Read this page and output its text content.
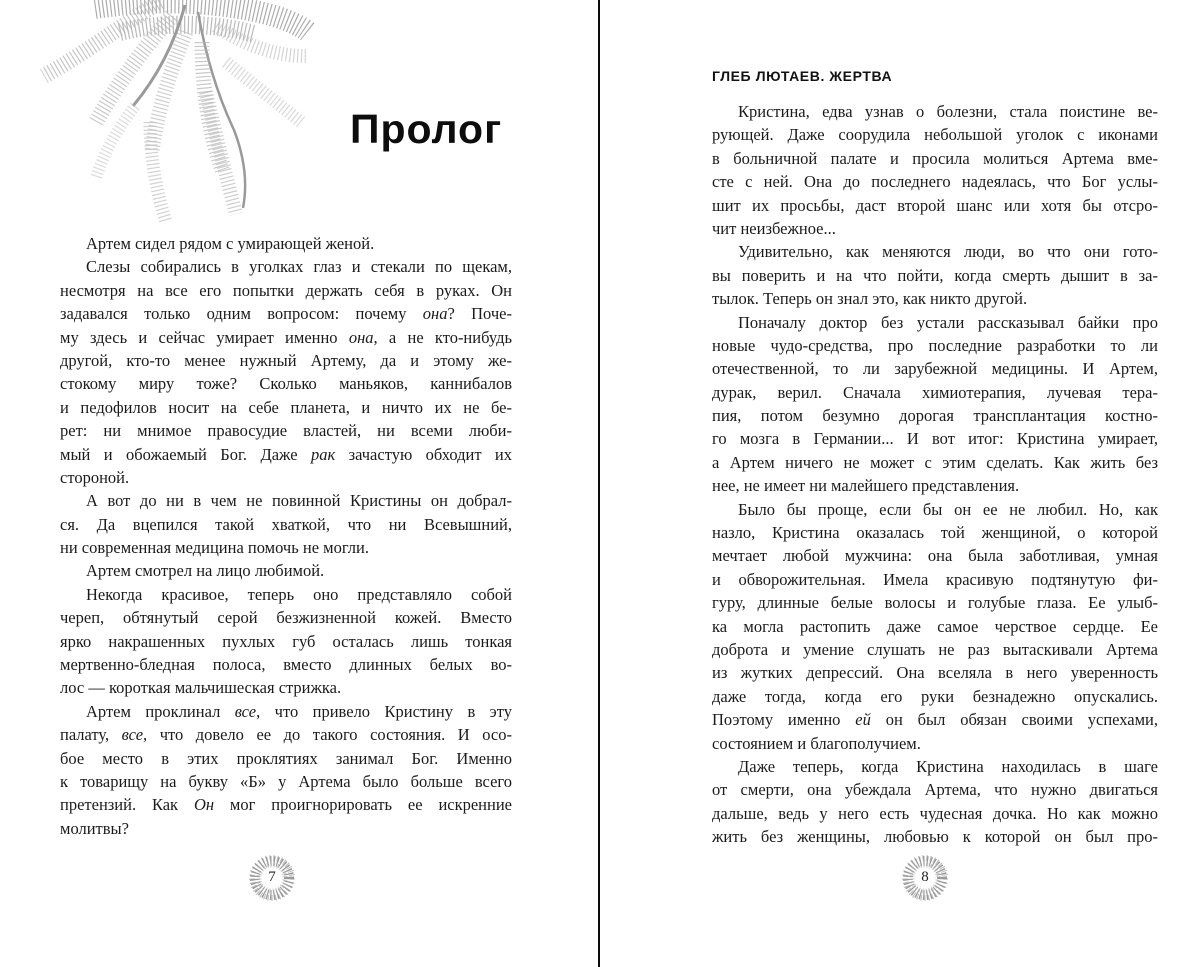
Пролог

Артем сидел рядом с умирающей женой.

Слезы собирались в уголках глаз и стекали по щекам,

несмотря на все его попытки держать себя в руках. Он

задавался только одним вопросом: почему она? Поче-

му здесь и сейчас умирает именно она, а не кто-нибудь

другой, кто-то менее нужный Артему, да и этому же-

стокому миру тоже? Сколько маньяков, каннибалов

и педофилов носит на себе планета, и ничто их не бе-

рет: ни мнимое правосудие властей, ни всеми люби-

мый и обожаемый Бог. Даже рак зачастую обходит их

стороной.

А вот до ни в чем не повинной Кристины он добрал-

ся. Да вцепился такой хваткой, что ни Всевышний,

ни современная медицина помочь не могли.

Артем смотрел на лицо любимой.

Некогда красивое, теперь оно представляло собой

череп, обтянутый серой безжизненной кожей. Вместо

ярко накрашенных пухлых губ осталась лишь тонкая

мертвенно-бледная полоса, вместо длинных белых во-

лос — короткая мальчишеская стрижка.

Артем проклинал все, что привело Кристину в эту

палату, все, что довело ее до такого состояния. И осо-

бое место в этих проклятиях занимал Бог. Именно

к товарищу на букву «Б» у Артема было больше всего

претензий. Как Он мог проигнорировать ее искренние

молитвы?

7
ГЛЕБ ЛЮТАЕВ. ЖЕРТВА

Кристина, едва узнав о болезни, стала поистине ве-

рующей. Даже соорудила небольшой уголок с иконами

в больничной палате и просила молиться Артема вме-

сте с ней. Она до последнего надеялась, что Бог услы-

шит их просьбы, даст второй шанс или хотя бы отсро-

чит неизбежное...

Удивительно, как меняются люди, во что они гото-

вы поверить и на что пойти, когда смерть дышит в за-

тылок. Теперь он знал это, как никто другой.

Поначалу доктор без устали рассказывал байки про

новые чудо-средства, про последние разработки то ли

отечественной, то ли зарубежной медицины. И Артем,

дурак, верил. Сначала химиотерапия, лучевая тера-

пия, потом безумно дорогая трансплантация костно-

го мозга в Германии... И вот итог: Кристина умирает,

а Артем ничего не может с этим сделать. Как жить без

нее, не имеет ни малейшего представления.

Было бы проще, если бы он ее не любил. Но, как

назло, Кристина оказалась той женщиной, о которой

мечтает любой мужчина: она была заботливая, умная

и обворожительная. Имела красивую подтянутую фи-

гуру, длинные белые волосы и голубые глаза. Ее улыб-

ка могла растопить даже самое черствое сердце. Ее

доброта и умение слушать не раз вытаскивали Артема

из жутких депрессий. Она вселяла в него уверенность

даже тогда, когда его руки безнадежно опускались.

Поэтому именно ей он был обязан своими успехами,

состоянием и благополучием.

Даже теперь, когда Кристина находилась в шаге

от смерти, она убеждала Артема, что нужно двигаться

дальше, ведь у него есть чудесная дочка. Но как можно

жить без женщины, любовью к которой он был про-

8
